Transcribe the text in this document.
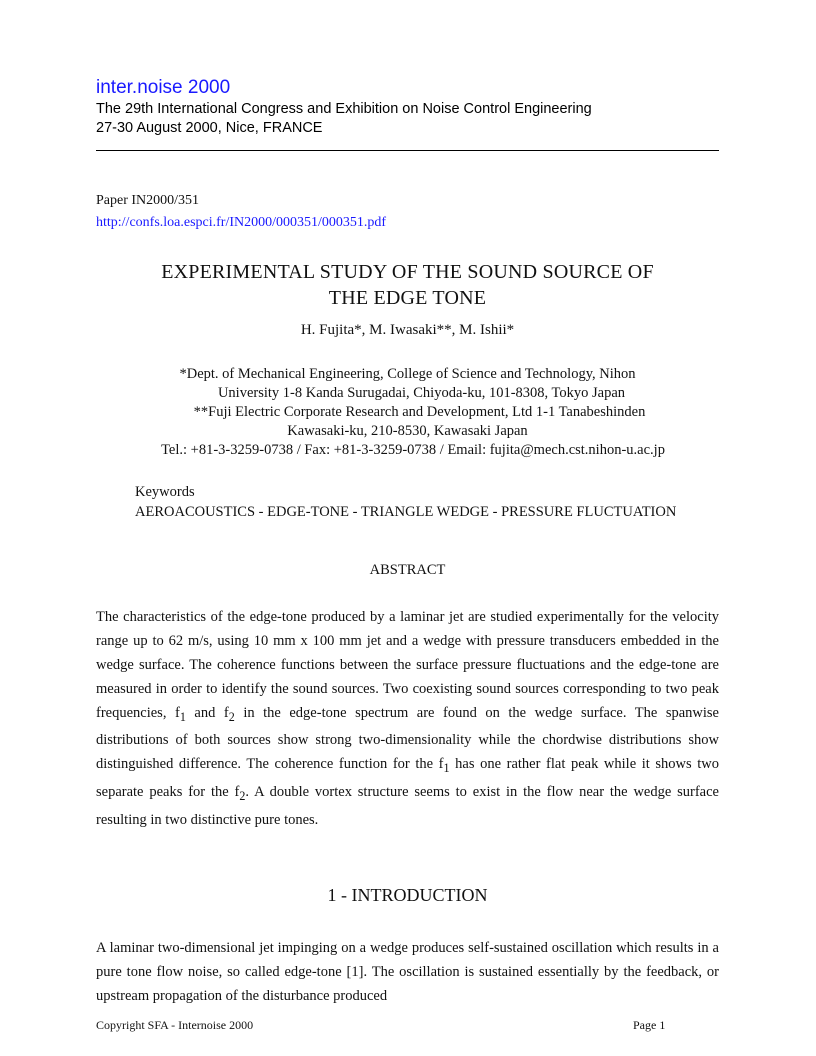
inter.noise 2000
The 29th International Congress and Exhibition on Noise Control Engineering
27-30 August 2000, Nice, FRANCE
Paper IN2000/351
http://confs.loa.espci.fr/IN2000/000351/000351.pdf
EXPERIMENTAL STUDY OF THE SOUND SOURCE OF
THE EDGE TONE
H. Fujita*, M. Iwasaki**, M. Ishii*
*Dept. of Mechanical Engineering, College of Science and Technology, Nihon
University 1-8 Kanda Surugadai, Chiyoda-ku, 101-8308, Tokyo Japan
**Fuji Electric Corporate Research and Development, Ltd 1-1 Tanabeshinden
Kawasaki-ku, 210-8530, Kawasaki Japan
Tel.: +81-3-3259-0738 / Fax: +81-3-3259-0738 / Email: fujita@mech.cst.nihon-u.ac.jp
Keywords
AEROACOUSTICS - EDGE-TONE - TRIANGLE WEDGE - PRESSURE FLUCTUATION
ABSTRACT

The characteristics of the edge-tone produced by a laminar jet are studied experimentally for the velocity range up to 62 m/s, using 10 mm x 100 mm jet and a wedge with pressure transducers embedded in the wedge surface. The coherence functions between the surface pressure fluctuations and the edge-tone are measured in order to identify the sound sources. Two coexisting sound sources corresponding to two peak frequencies, $f_1$ and $f_2$ in the edge-tone spectrum are found on the wedge surface. The spanwise distributions of both sources show strong two-dimensionality while the chordwise distributions show distinguished difference. The coherence function for the $f_1$ has one rather flat peak while it shows two separate peaks for the $f_2$. A double vortex structure seems to exist in the flow near the wedge surface resulting in two distinctive pure tones.

1 - INTRODUCTION

A laminar two-dimensional jet impinging on a wedge produces self-sustained oscillation which results in a pure tone flow noise, so called edge-tone [1]. The oscillation is sustained essentially by the feedback, or upstream propagation of the disturbance produced

Copyright SFA - Internoise 2000	Page 1
